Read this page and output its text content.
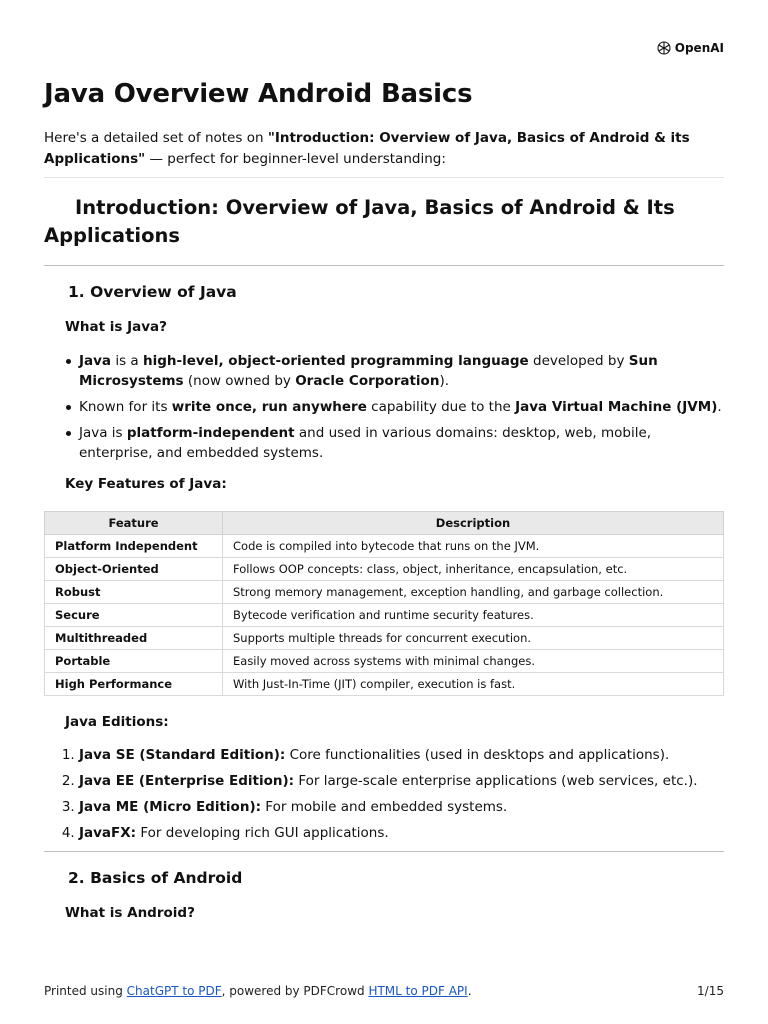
OpenAI
Java Overview Android Basics

Here's a detailed set of notes on "Introduction: Overview of Java, Basics of Android & its Applications" — perfect for beginner-level understanding:

Introduction: Overview of Java, Basics of Android & Its Applications
1. Overview of Java
What is Java?
Java is a high-level, object-oriented programming language developed by Sun Microsystems (now owned by Oracle Corporation).
Known for its write once, run anywhere capability due to the Java Virtual Machine (JVM).
Java is platform-independent and used in various domains: desktop, web, mobile, enterprise, and embedded systems.
Key Features of Java:
Feature	Description
Platform Independent	Code is compiled into bytecode that runs on the JVM.
Object-Oriented	Follows OOP concepts: class, object, inheritance, encapsulation, etc.
Robust	Strong memory management, exception handling, and garbage collection.
Secure	Bytecode verification and runtime security features.
Multithreaded	Supports multiple threads for concurrent execution.
Portable	Easily moved across systems with minimal changes.
High Performance	With Just-In-Time (JIT) compiler, execution is fast.
Java Editions:
1. Java SE (Standard Edition): Core functionalities (used in desktops and applications).
2. Java EE (Enterprise Edition): For large-scale enterprise applications (web services, etc.).
3. Java ME (Micro Edition): For mobile and embedded systems.
4. JavaFX: For developing rich GUI applications.
2. Basics of Android
What is Android?
Printed using ChatGPT to PDF, powered by PDFCrowd HTML to PDF API.	1/15
